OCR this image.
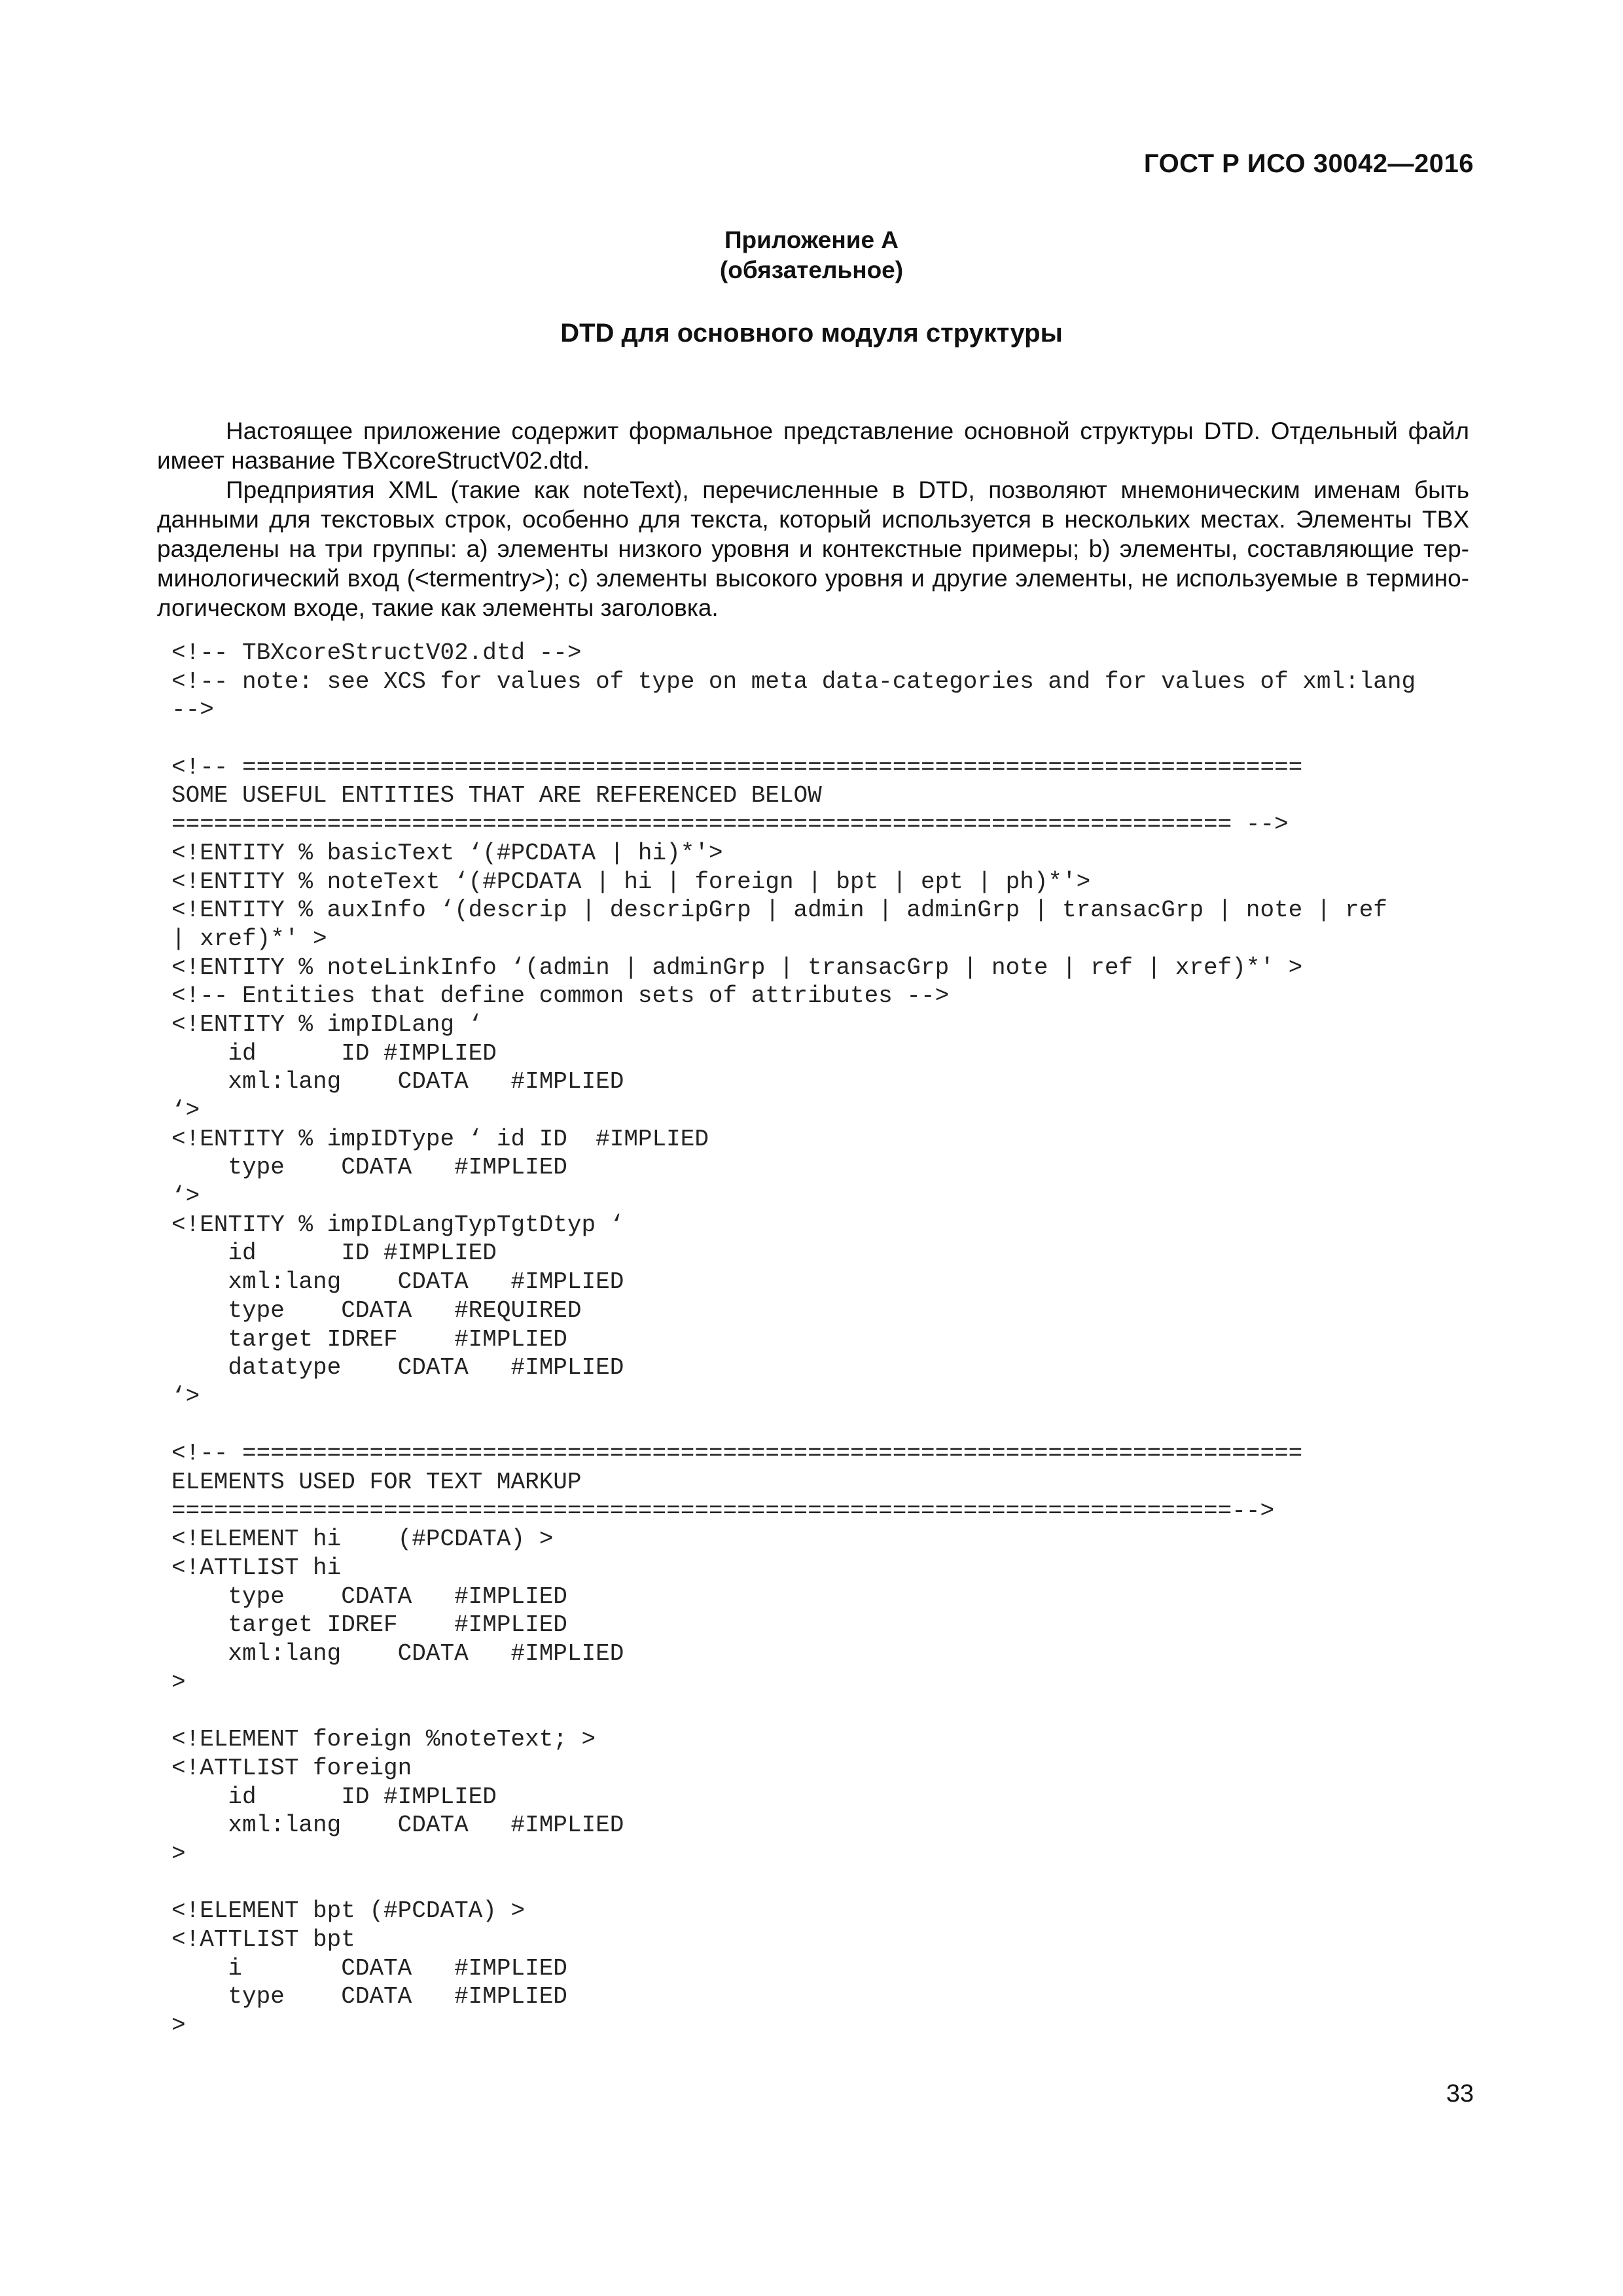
ГОСТ Р ИСО 30042—2016
Приложение А
(обязательное)
DTD для основного модуля структуры

Настоящее приложение содержит формальное представление основной структуры DTD. Отдельный файл имеет название TBXcoreStructV02.dtd.

Предприятия XML (такие как noteText), перечисленные в DTD, позволяют мнемоническим именам быть данными для текстовых строк, особенно для текста, который используется в нескольких местах. Элементы TBX разделены на три группы: a) элементы низкого уровня и контекстные примеры; b) элементы, составляющие терминологический вход (<termentry>); c) элементы высокого уровня и другие элементы, не используемые в терминологическом входе, такие как элементы заголовка.

<!-- TBXcoreStructV02.dtd -->
<!-- note: see XCS for values of type on meta data-categories and for values of xml:lang
-->
<!-- ===========================================================================
SOME USEFUL ENTITIES THAT ARE REFERENCED BELOW
=========================================================================== -->
<!ENTITY % basicText ‘(#PCDATA | hi)*'>
<!ENTITY % noteText ‘(#PCDATA | hi | foreign | bpt | ept | ph)*'>
<!ENTITY % auxInfo ‘(descrip | descripGrp | admin | adminGrp | transacGrp | note | ref
| xref)*' >
<!ENTITY % noteLinkInfo ‘(admin | adminGrp | transacGrp | note | ref | xref)*' >
<!-- Entities that define common sets of attributes -->
<!ENTITY % impIDLang ‘
id      ID #IMPLIED
xml:lang    CDATA   #IMPLIED
‘>
<!ENTITY % impIDType ‘ id ID  #IMPLIED
type    CDATA   #IMPLIED
‘>
<!ENTITY % impIDLangTypTgtDtyp ‘
id      ID #IMPLIED
xml:lang    CDATA   #IMPLIED
type    CDATA   #REQUIRED
target IDREF    #IMPLIED
datatype    CDATA   #IMPLIED
‘>
<!-- ===========================================================================
ELEMENTS USED FOR TEXT MARKUP
===========================================================================-->
<!ELEMENT hi    (#PCDATA) >
<!ATTLIST hi
type    CDATA   #IMPLIED
target IDREF    #IMPLIED
xml:lang    CDATA   #IMPLIED
>
<!ELEMENT foreign %noteText; >
<!ATTLIST foreign
id      ID #IMPLIED
xml:lang    CDATA   #IMPLIED
>
<!ELEMENT bpt (#PCDATA) >
<!ATTLIST bpt
i       CDATA   #IMPLIED
type    CDATA   #IMPLIED
>
33
